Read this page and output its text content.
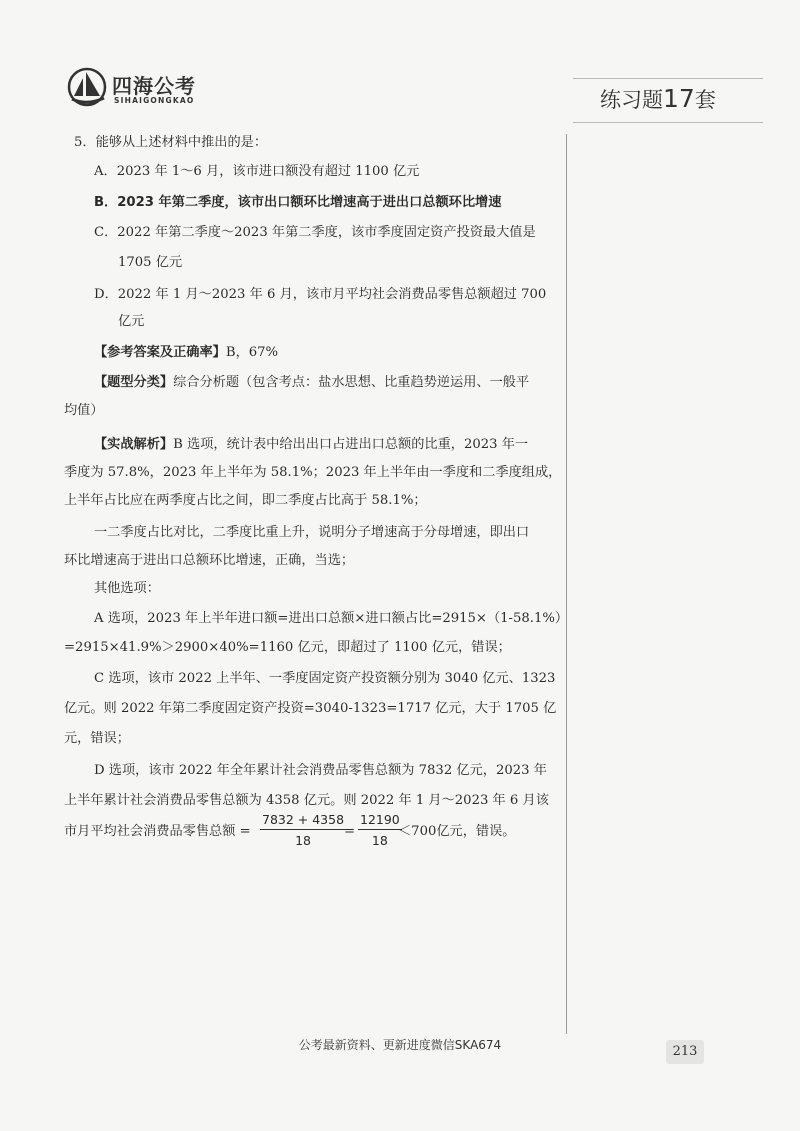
四海公考
SIHAIGONGKAO	练习题17套
5．能够从上述材料中推出的是：
A．2023 年 1～6 月，该市进口额没有超过 1100 亿元
B．2023 年第二季度，该市出口额环比增速高于进出口总额环比增速
C．2022 年第二季度～2023 年第二季度，该市季度固定资产投资最大值是
1705 亿元
D．2022 年 1 月～2023 年 6 月，该市月平均社会消费品零售总额超过 700
亿元
【参考答案及正确率】B，67%
【题型分类】综合分析题（包含考点：盐水思想、比重趋势逆运用、一般平
均值）
【实战解析】B 选项，统计表中给出出口占进出口总额的比重，2023 年一
季度为 57.8%，2023 年上半年为 58.1%；2023 年上半年由一季度和二季度组成，
上半年占比应在两季度占比之间，即二季度占比高于 58.1%；
一二季度占比对比，二季度比重上升，说明分子增速高于分母增速，即出口
环比增速高于进出口总额环比增速，正确，当选；
其他选项：
A 选项，2023 年上半年进口额=进出口总额×进口额占比=2915×（1-58.1%）
=2915×41.9%＞2900×40%=1160 亿元，即超过了 1100 亿元，错误；
C 选项，该市 2022 上半年、一季度固定资产投资额分别为 3040 亿元、1323
亿元。则 2022 年第二季度固定资产投资=3040-1323=1717 亿元，大于 1705 亿
元，错误；
D 选项，该市 2022 年全年累计社会消费品零售总额为 7832 亿元，2023 年
上半年累计社会消费品零售总额为 4358 亿元。则 2022 年 1 月～2023 年 6 月该
市月平均社会消费品零售总额 = $\frac{7832 + 4358}{18}$
= $\frac{12190}{18}$
＜700亿元，错误。
公考最新资料、更新进度微信SKA674	213
